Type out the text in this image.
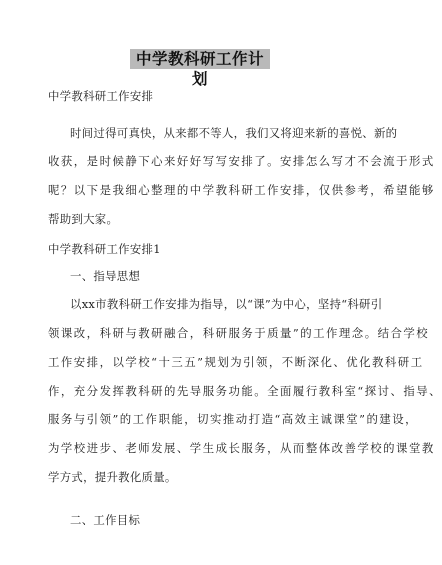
中学教科研工作计划
中学教科研工作安排
时间过得可真快，从来都不等人，我们又将迎来新的喜悦、新的
收获，是时候静下心来好好写写安排了。安排怎么写才不会流于形式
呢？以下是我细心整理的中学教科研工作安排，仅供参考，希望能够
帮助到大家。
中学教科研工作安排1
一、指导思想
以xx市教科研工作安排为指导，以“课”为中心，坚持“科研引
领课改，科研与教研融合，科研服务于质量”的工作理念。结合学校
工作安排，以学校“十三五”规划为引领，不断深化、优化教科研工
作，充分发挥教科研的先导服务功能。全面履行教科室“探讨、指导、
服务与引领”的工作职能，切实推动打造“高效主诚课堂”的建设，
为学校进步、老师发展、学生成长服务，从而整体改善学校的课堂教
学方式，提升教化质量。
二、工作目标
